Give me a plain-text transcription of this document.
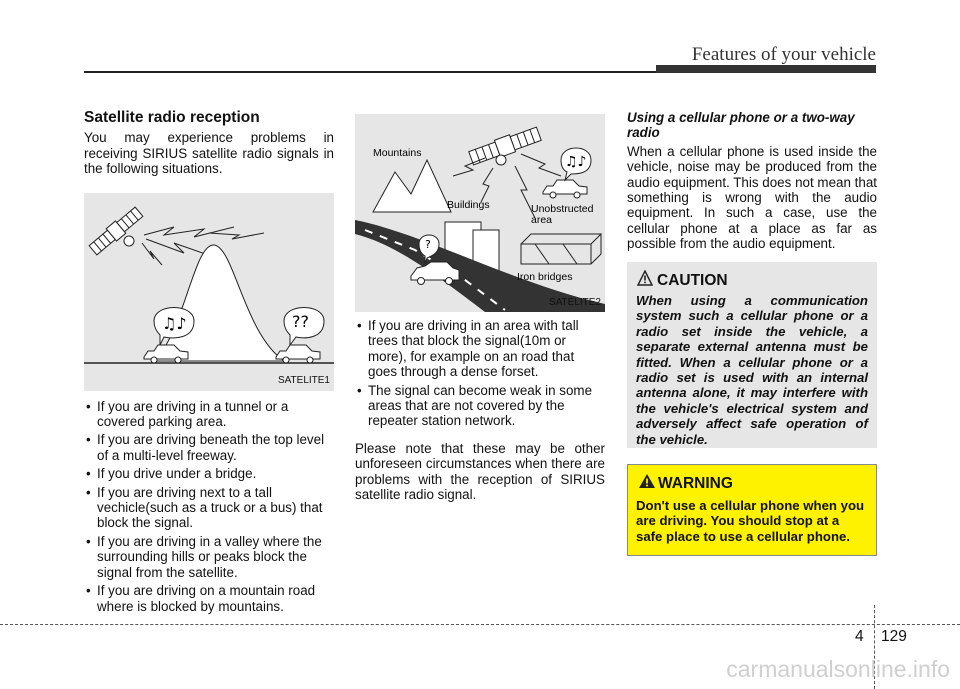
Features of your vehicle
Satellite radio reception

You may experience problems in receiving SIRIUS satellite radio signals in the following situations.

♫♪	??
SATELITE1
• If you are driving in a tunnel or a covered parking area.
• If you are driving beneath the top level of a multi-level freeway.
• If you drive under a bridge.
• If you are driving next to a tall vechicle(such as a truck or a bus) that block the signal.
• If you are driving in a valley where the surrounding hills or peaks block the signal from the satellite.
• If you are driving on a mountain road where is blocked by mountains.
Mountains
Buildings
?
♫♪
Unobstructed
area
Iron bridges
SATELITE2
• If you are driving in an area with tall trees that block the signal(10m or more), for example on an road that goes through a dense forset.
• The signal can become weak in some areas that are not covered by the repeater station network.

Please note that these may be other unforeseen circumstances when there are problems with the reception of SIRIUS satellite radio signal.

Using a cellular phone or a two-way radio

When a cellular phone is used inside the vehicle, noise may be produced from the audio equipment. This does not mean that something is wrong with the audio equipment. In such a case, use the cellular phone at a place as far as possible from the audio equipment.

CAUTION
When using a communication system such a cellular phone or a radio set inside the vehicle, a separate external antenna must be fitted. When a cellular phone or a radio set is used with an internal antenna alone, it may interfere with the vehicle's electrical system and adversely affect safe operation of the vehicle.
WARNING
Don't use a cellular phone when you are driving. You should stop at a safe place to use a cellular phone.
4 129
carmanualsonline.info
